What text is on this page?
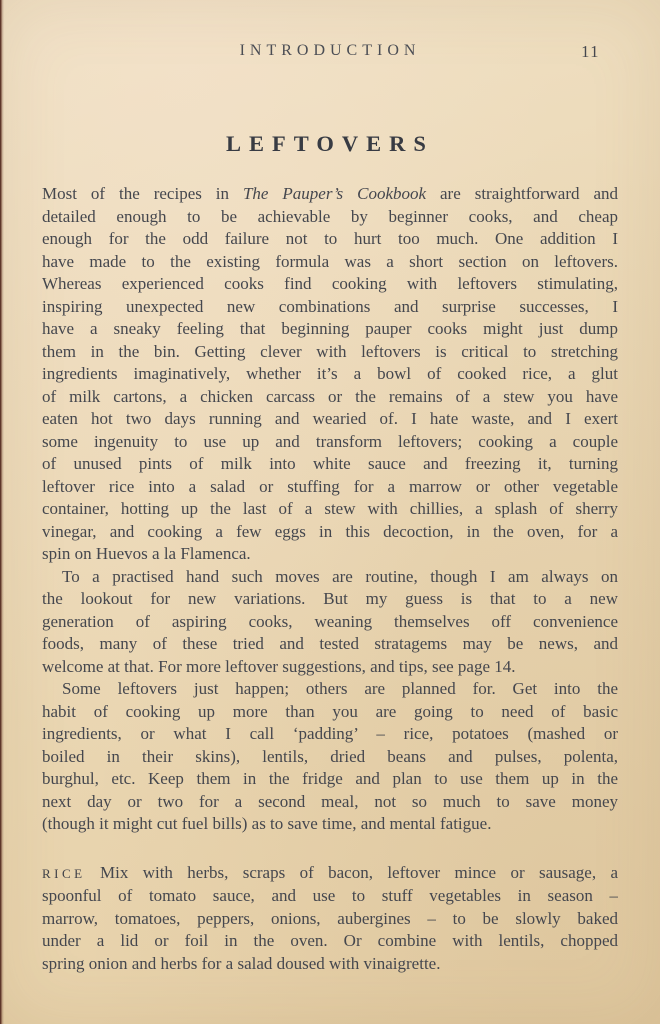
INTRODUCTION	11
LEFTOVERS
Most of the recipes in The Pauper’s Cookbook are straightforward and
detailed enough to be achievable by beginner cooks, and cheap
enough for the odd failure not to hurt too much. One addition I
have made to the existing formula was a short section on leftovers.
Whereas experienced cooks find cooking with leftovers stimulating,
inspiring unexpected new combinations and surprise successes, I
have a sneaky feeling that beginning pauper cooks might just dump
them in the bin. Getting clever with leftovers is critical to stretching
ingredients imaginatively, whether it’s a bowl of cooked rice, a glut
of milk cartons, a chicken carcass or the remains of a stew you have
eaten hot two days running and wearied of. I hate waste, and I exert
some ingenuity to use up and transform leftovers; cooking a couple
of unused pints of milk into white sauce and freezing it, turning
leftover rice into a salad or stuffing for a marrow or other vegetable
container, hotting up the last of a stew with chillies, a splash of sherry
vinegar, and cooking a few eggs in this decoction, in the oven, for a
spin on Huevos a la Flamenca.
To a practised hand such moves are routine, though I am always on
the lookout for new variations. But my guess is that to a new
generation of aspiring cooks, weaning themselves off convenience
foods, many of these tried and tested stratagems may be news, and
welcome at that. For more leftover suggestions, and tips, see page 14.
Some leftovers just happen; others are planned for. Get into the
habit of cooking up more than you are going to need of basic
ingredients, or what I call ‘padding’ – rice, potatoes (mashed or
boiled in their skins), lentils, dried beans and pulses, polenta,
burghul, etc. Keep them in the fridge and plan to use them up in the
next day or two for a second meal, not so much to save money
(though it might cut fuel bills) as to save time, and mental fatigue.
RICE Mix with herbs, scraps of bacon, leftover mince or sausage, a
spoonful of tomato sauce, and use to stuff vegetables in season –
marrow, tomatoes, peppers, onions, aubergines – to be slowly baked
under a lid or foil in the oven. Or combine with lentils, chopped
spring onion and herbs for a salad doused with vinaigrette.
